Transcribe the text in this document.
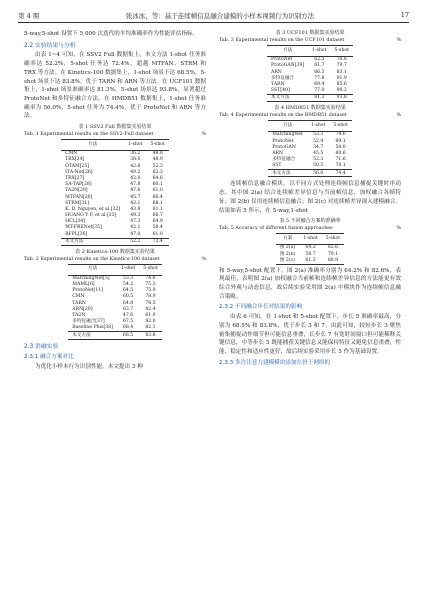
第 4 期	张冰冰，等：基于连续帧信息融合建模的小样本视频行为识别方法	17

5-way,5-shot 设置下 5 000 次迭代的平均准确率作为性能评估指标。

2.2 实验结果与分析

由表 1~4 可知，在 SSV2 Full 数据集上，本文方法 1-shot 任务准确率达 52.2%，5-shot 任务达 72.4%，超越 MTFAN、STRM 和 TRX 等方法。在 Kinetics-100 数据集上，1-shot 场景下达 68.5%，5-shot 场景下达 83.8%，优于 TARN 和 ARN 等方法。在 UCF101 数据集上，1-shot 场景准确率达 81.3%，5-shot 场景达 93.8%，显著超过 ProtoNet 和多特征融合方法。在 HMDB51 数据集上，1-shot 任务准确率为 56.0%，5-shot 任务为 74.4%，优于 ProtoNet 和 ARN 等方法。

表 1 SSV2 Full 数据集实验结果
Tab. 1 Experimental results on the SSV2-Full dataset	%
方法	1-shot	5-shot
CMN	36.2	48.8
TRX[24]	38.6	48.9
OTAM[25]	42.8	52.3
ITA-Net[26]	49.2	62.3
TRX[27]	42.0	64.6
SA-TAP[28]	47.8	60.1
TA2N[29]	47.6	61.0
MTFAN[30]	45.7	60.4
STRM[31]	43.1	68.1
K. D. Nguyen, et al.[32]	43.8	61.1
HUANG Y F, et al.[33]	49.3	66.7
HCL[34]	47.3	64.9
MT-FRENet[35]	42.1	58.4
RFPL[36]	47.0	61.0
本文方法	52.2	72.4
表 2 Kinetics-100 数据集实验结果
Tab. 2 Experimental results on the Kinetics-100 dataset	%
方法	1-shot	5-shot
MatchingNet[5]	53.3	74.6
MAML[6]	54.2	75.3
ProtoNet[11]	64.5	75.9
CMN	60.5	78.9
TARN	64.8	78.5
ARN[20]	63.7	82.4
TA2N	47.6	61.0
多特征融合[37]	67.5	82.0
Baseline Plus[38]	68.4	82.1
本文方法	68.5	83.8
2.3 消融实验
2.3.1 融合方案对比

为优化小样本行为识别性能，本文提出 3 种

表 3 UCF101 数据集实验结果
Tab. 3 Experimental results on the UCF101 dataset	%
方法	1-shot	5-shot
ProtoNet	62.5	78.6
ProtoGAN[39]	61.7	79.7
ARN	66.3	83.1
多特征融合	77.8	91.9
TARN	69.4	85.6
SST[40]	77.0	90.2
本文方法	81.3	93.8
表 4 HMDB51 数据集实验结果
Tab. 4 Experimental results on the HMDB51 dataset	%
方法	1-shot	5-shot
MatchingNet	53.3	74.6
ProtoNet	52.4	69.1
ProtoGAN	34.7	54.0
ARN	45.5	60.6
多特征融合	52.3	71.6
SST	50.5	70.1
本文方法	56.0	74.4

连续帧信息融合模块，以不同方式处理连续帧信息捕捉关键时序动态。其中图 2(a) 结合连续帧差异信息与当前帧信息，加权融合各帧特征；图 2(b) 仅用连续帧信息融合；图 2(c) 对连续帧差异深入建模融合。结果如表 5 所示，在 5-way,1-shot

表 5 不同融合方案的准确率
Tab. 5 Accuracy of different fusion approaches	%
方案	1-shot	5-shot
图 2(a)	64.2	82.6
图 2(b)	58.7	79.1
图 2(c)	61.3	80.9

和 5-way,5-shot 配置下，图 2(a) 准确率分别为 64.2% 和 82.6%，表现最佳，表明图 2(a) 加权融合当前帧和连续帧差异信息的方法能更有效综合外观与动态信息，故后续实验采用图 2(a) 中模块作为连续帧信息融合策略。

2.3.2 不同融合步长对结果的影响

由表 6 可知，在 1-shot 和 5-shot 配置下，步长 5 准确率最高，分别为 68.5% 和 83.8%，优于步长 3 和 7。由此可知，较短步长 3 聚焦密集捕捉动作细节但可能信息重叠，长步长 7 有宽时间窗口但可能稀释关键信息，中等步长 5 既能捕获关键信息又能保持特征又避免信息重叠，性能、稳定性和适应性更好，故后续实验采用步长 5 作为基础设置。

2.3.3 多注注意力建模模块添加在骨干网络的
